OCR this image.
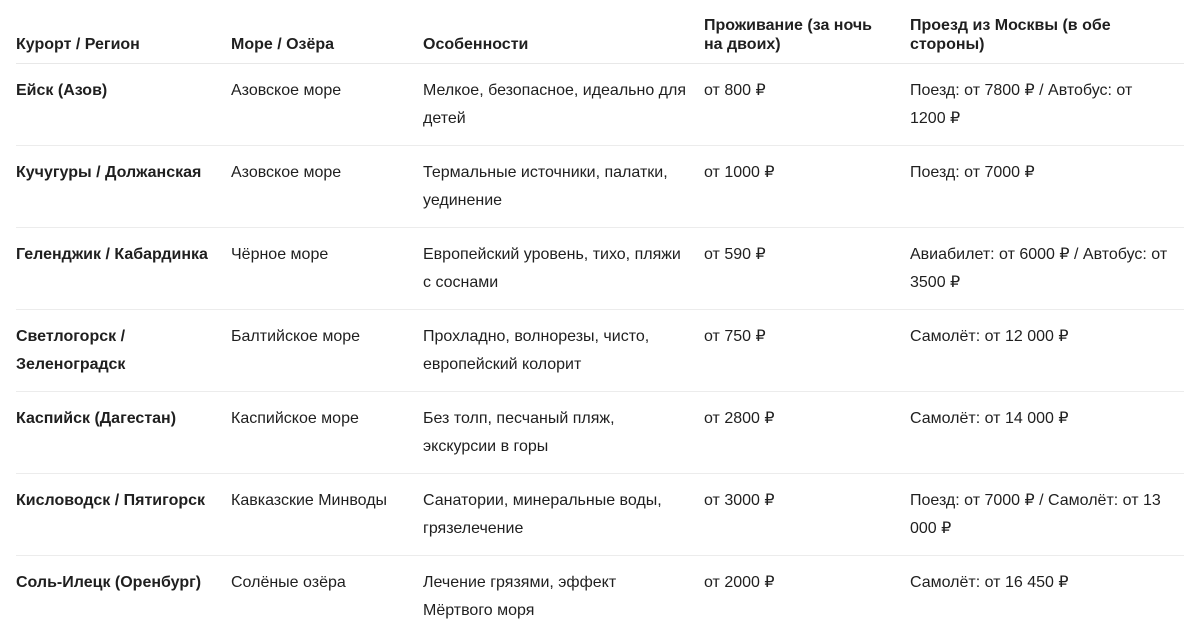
Курорт / Регион	Море / Озёра	Особенности	Проживание (за ночь на двоих)	Проезд из Москвы (в обе стороны)
Ейск (Азов)	Азовское море	Мелкое, безопасное, идеально для детей	от 800 ₽	Поезд: от 7800 ₽ / Автобус: от 1200 ₽
Кучугуры / Должанская	Азовское море	Термальные источники, палатки, уединение	от 1000 ₽	Поезд: от 7000 ₽
Геленджик / Кабардинка	Чёрное море	Европейский уровень, тихо, пляжи с соснами	от 590 ₽	Авиабилет: от 6000 ₽ / Автобус: от 3500 ₽
Светлогорск / Зеленоградск	Балтийское море	Прохладно, волнорезы, чисто, европейский колорит	от 750 ₽	Самолёт: от 12 000 ₽
Каспийск (Дагестан)	Каспийское море	Без толп, песчаный пляж, экскурсии в горы	от 2800 ₽	Самолёт: от 14 000 ₽
Кисловодск / Пятигорск	Кавказские Минводы	Санатории, минеральные воды, грязелечение	от 3000 ₽	Поезд: от 7000 ₽ / Самолёт: от 13 000 ₽
Соль-Илецк (Оренбург)	Солёные озёра	Лечение грязями, эффект Мёртвого моря	от 2000 ₽	Самолёт: от 16 450 ₽
